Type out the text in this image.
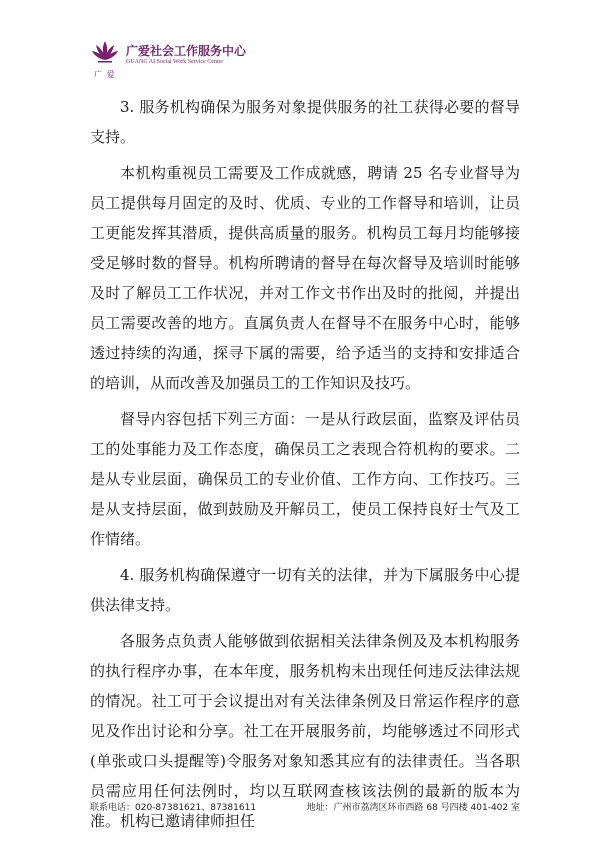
广 爱
广爱社会工作服务中心
GUANG AI Social Work Service Center

3. 服务机构确保为服务对象提供服务的社工获得必要的督导支持。

本机构重视员工需要及工作成就感，聘请 25 名专业督导为员工提供每月固定的及时、优质、专业的工作督导和培训，让员工更能发挥其潜质，提供高质量的服务。机构员工每月均能够接受足够时数的督导。机构所聘请的督导在每次督导及培训时能够及时了解员工工作状况，并对工作文书作出及时的批阅，并提出员工需要改善的地方。直属负责人在督导不在服务中心时，能够透过持续的沟通，探寻下属的需要，给予适当的支持和安排适合的培训，从而改善及加强员工的工作知识及技巧。

督导内容包括下列三方面：一是从行政层面，监察及评估员工的处事能力及工作态度，确保员工之表现合符机构的要求。二是从专业层面，确保员工的专业价值、工作方向、工作技巧。三是从支持层面，做到鼓励及开解员工，使员工保持良好士气及工作情绪。

4. 服务机构确保遵守一切有关的法律，并为下属服务中心提供法律支持。

各服务点负责人能够做到依据相关法律条例及及本机构服务的执行程序办事，在本年度，服务机构未出现任何违反法律法规的情况。社工可于会议提出对有关法律条例及日常运作程序的意见及作出讨论和分享。社工在开展服务前，均能够透过不同形式(单张或口头提醒等)令服务对象知悉其应有的法律责任。当各职员需应用任何法例时，均以互联网查核该法例的最新的版本为准。机构已邀请律师担任

联系电话：020-87381621、87381611	地址：广州市荔湾区环市西路 68 号四楼 401-402 室
